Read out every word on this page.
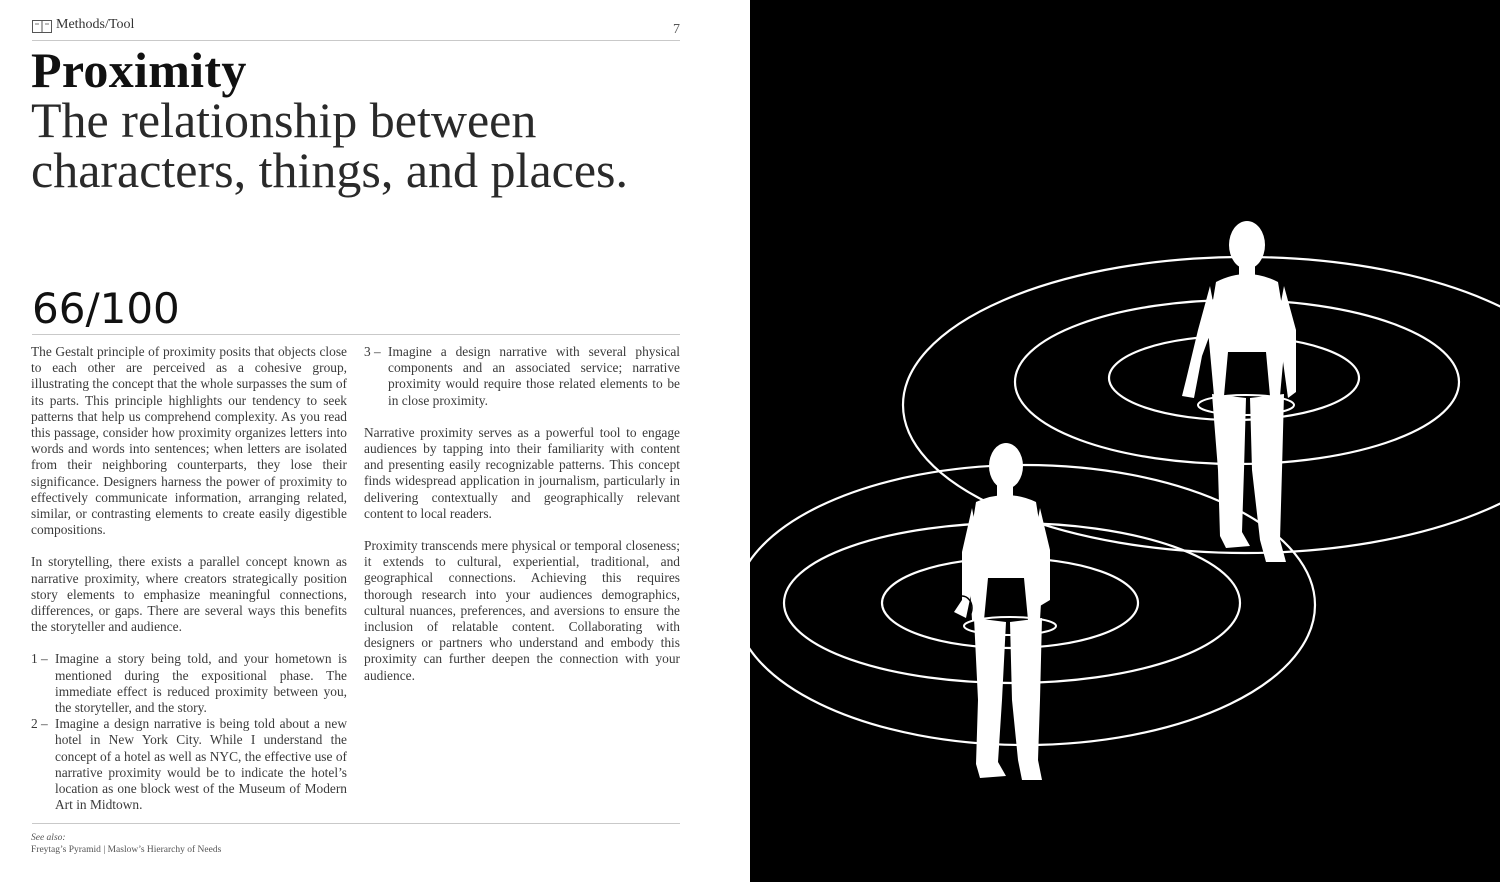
Methods/Tool	7
Proximity
The relationship between
characters, things, and places.
66/100

The Gestalt principle of proximity posits that objects close to each other are perceived as a cohesive group, illustrating the concept that the whole surpasses the sum of its parts. This principle highlights our tendency to seek patterns that help us comprehend complexity. As you read this passage, consider how proximity organizes letters into words and words into sentences; when letters are isolated from their neighboring counterparts, they lose their significance. Designers harness the power of proximity to effectively communicate information, arranging related, similar, or contrasting elements to create easily digestible compositions.

In storytelling, there exists a parallel concept known as narrative proximity, where creators strategically position story elements to emphasize meaningful connections, differences, or gaps. There are several ways this benefits the storyteller and audience.

1 – Imagine a story being told, and your hometown is mentioned during the expositional phase. The immediate effect is reduced proximity between you, the storyteller, and the story.
2 – Imagine a design narrative is being told about a new hotel in New York City. While I understand the concept of a hotel as well as NYC, the effective use of narrative proximity would be to indicate the hotel’s location as one block west of the Museum of Modern Art in Midtown.
3 – Imagine a design narrative with several physical components and an associated service; narrative proximity would require those related elements to be in close proximity.

Narrative proximity serves as a powerful tool to engage audiences by tapping into their familiarity with content and presenting easily recognizable patterns. This concept finds widespread application in journalism, particularly in delivering contextually and geographically relevant content to local readers.

Proximity transcends mere physical or temporal closeness; it extends to cultural, experiential, traditional, and geographical connections. Achieving this requires thorough research into your audiences demographics, cultural nuances, preferences, and aversions to ensure the inclusion of relatable content. Collaborating with designers or partners who understand and embody this proximity can further deepen the connection with your audience.

See also:
Freytag’s Pyramid | Maslow’s Hierarchy of Needs
